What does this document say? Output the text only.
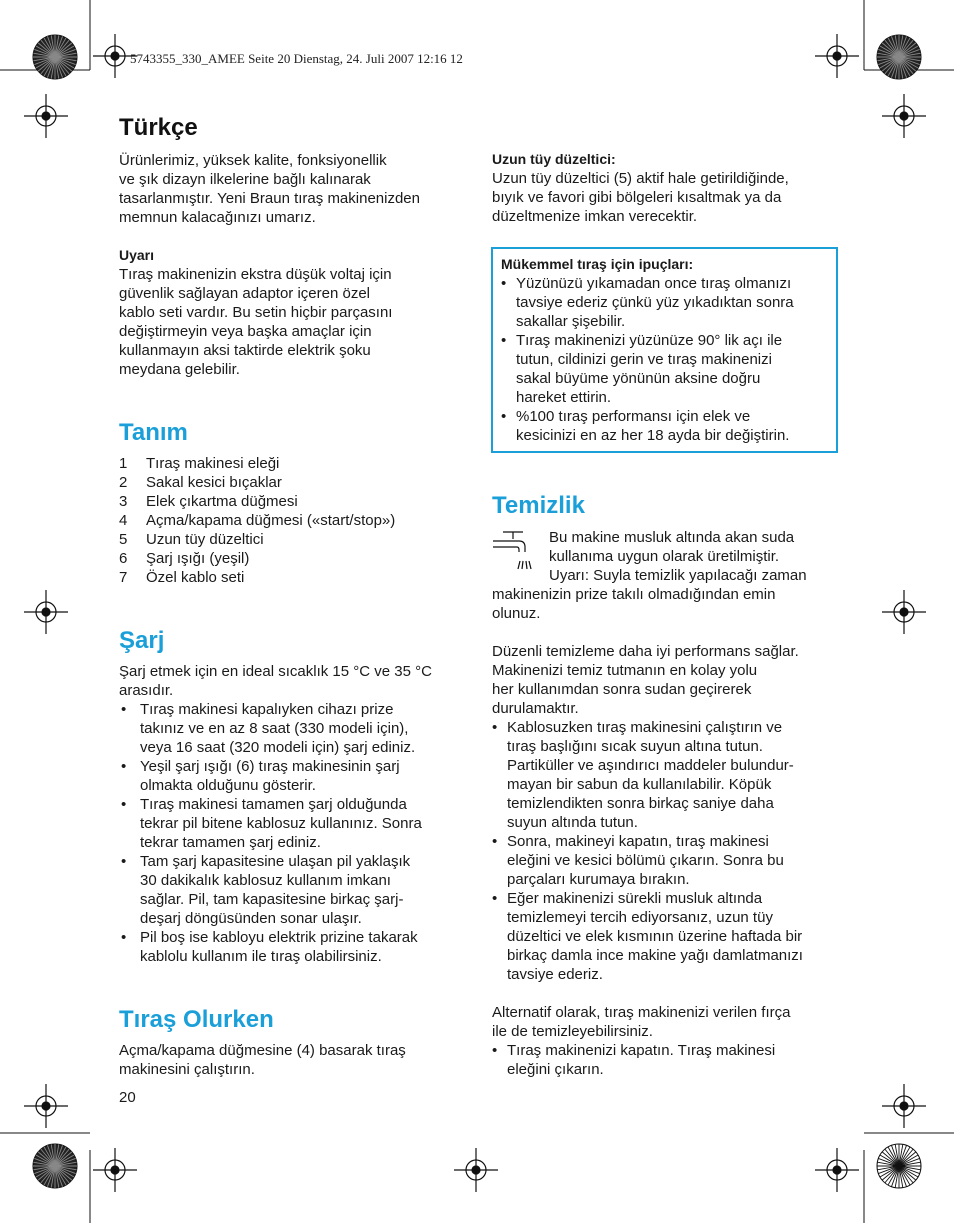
5743355_330_AMEE Seite 20 Dienstag, 24. Juli 2007 12:16 12
Türkçe

Ürünlerimiz, yüksek kalite, fonksiyonellik
ve şık dizayn ilkelerine bağlı kalınarak
tasarlanmıştır. Yeni Braun tıraş makinenizden
memnun kalacağınızı umarız.

Uyarı

Tıraş makinenizin ekstra düşük voltaj için
güvenlik sağlayan adaptor içeren özel
kablo seti vardır. Bu setin hiçbir parçasını
değiştirmeyin veya başka amaçlar için
kullanmayın aksi taktirde elektrik şoku
meydana gelebilir.

Tanım
1	Tıraş makinesi eleği
2	Sakal kesici bıçaklar
3	Elek çıkartma düğmesi
4	Açma/kapama düğmesi («start/stop»)
5	Uzun tüy düzeltici
6	Şarj ışığı (yeşil)
7	Özel kablo seti
Şarj

Şarj etmek için en ideal sıcaklık 15 °C ve 35 °C
arasıdır.

• Tıraş makinesi kapalıyken cihazı prize
takınız ve en az 8 saat (330 modeli için),
veya 16 saat (320 modeli için) şarj ediniz.
• Yeşil şarj ışığı (6) tıraş makinesinin şarj
olmakta olduğunu gösterir.
• Tıraş makinesi tamamen şarj olduğunda
tekrar pil bitene kablosuz kullanınız. Sonra
tekrar tamamen şarj ediniz.
• Tam şarj kapasitesine ulaşan pil yaklaşık
30 dakikalık kablosuz kullanım imkanı
sağlar. Pil, tam kapasitesine birkaç şarj-
deşarj döngüsünden sonar ulaşır.
• Pil boş ise kabloyu elektrik prizine takarak
kablolu kullanım ile tıraş olabilirsiniz.
Tıraş Olurken

Açma/kapama düğmesine (4) basarak tıraş
makinesini çalıştırın.

20

Uzun tüy düzeltici:

Uzun tüy düzeltici (5) aktif hale getirildiğinde,
bıyık ve favori gibi bölgeleri kısaltmak ya da
düzeltmenize imkan verecektir.

Mükemmel tıraş için ipuçları:

• Yüzünüzü yıkamadan once tıraş olmanızı
tavsiye ederiz çünkü yüz yıkadıktan sonra
sakallar şişebilir.
• Tıraş makinenizi yüzünüze 90° lik açı ile
tutun, cildinizi gerin ve tıraş makinenizi
sakal büyüme yönünün aksine doğru
hareket ettirin.
• %100 tıraş performansı için elek ve
kesicinizi en az her 18 ayda bir değiştirin.
Temizlik
Bu makine musluk altında akan suda
kullanıma uygun olarak üretilmiştir.
Uyarı: Suyla temizlik yapılacağı zaman

makinenizin prize takılı olmadığından emin
olunuz.

Düzenli temizleme daha iyi performans sağlar.
Makinenizi temiz tutmanın en kolay yolu
her kullanımdan sonra sudan geçirerek
durulamaktır.

• Kablosuzken tıraş makinesini çalıştırın ve
tıraş başlığını sıcak suyun altına tutun.
Partiküller ve aşındırıcı maddeler bulundur-
mayan bir sabun da kullanılabilir. Köpük
temizlendikten sonra birkaç saniye daha
suyun altında tutun.
• Sonra, makineyi kapatın, tıraş makinesi
eleğini ve kesici bölümü çıkarın. Sonra bu
parçaları kurumaya bırakın.
• Eğer makinenizi sürekli musluk altında
temizlemeyi tercih ediyorsanız, uzun tüy
düzeltici ve elek kısmının üzerine haftada bir
birkaç damla ince makine yağı damlatmanızı
tavsiye ederiz.

Alternatif olarak, tıraş makinenizi verilen fırça
ile de temizleyebilirsiniz.

• Tıraş makinenizi kapatın. Tıraş makinesi
eleğini çıkarın.
